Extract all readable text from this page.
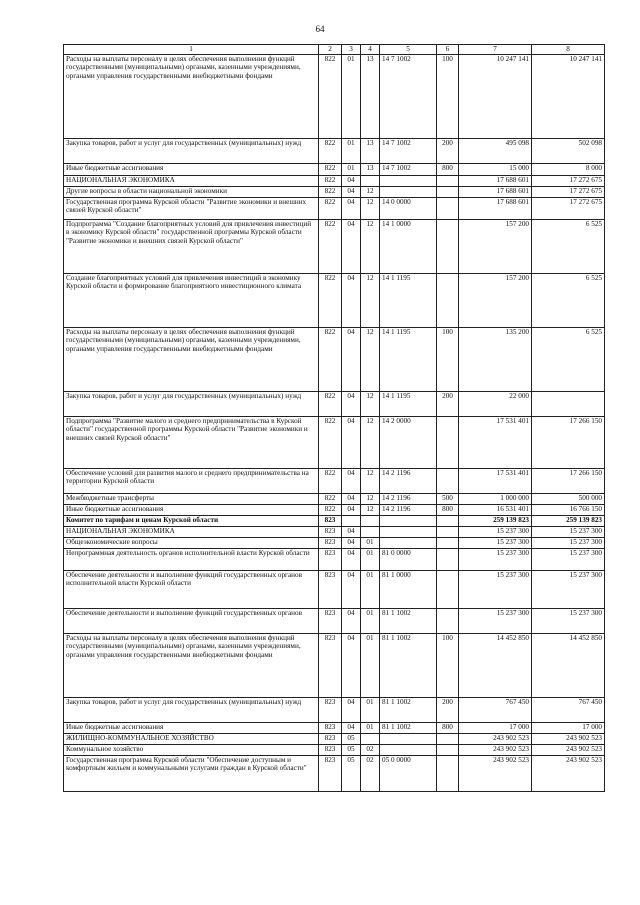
64
1	2	3	4	5	6	7	8
Расходы на выплаты персоналу в целях обеспечения выполнения функций государственными (муниципальными) органами, казенными учреждениями, органами управления государственными внебюджетными фондами	822	01	13	14 7 1002	100	10 247 141	10 247 141
Закупка товаров, работ и услуг для государственных (муниципальных) нужд	822	01	13	14 7 1002	200	495 098	502 098
Иные бюджетные ассигнования	822	01	13	14 7 1002	800	15 000	8 000
НАЦИОНАЛЬНАЯ ЭКОНОМИКА	822	04				17 688 601	17 272 675
Другие вопросы в области национальной экономики	822	04	12			17 688 601	17 272 675
Государственная программа Курской области "Развитие экономики и внешних связей Курской области"	822	04	12	14 0 0000		17 688 601	17 272 675
Подпрограмма "Создание благоприятных условий для привлечения инвестиций в экономику Курской области" государственной программы Курской области "Развитие экономики и внешних связей Курской области"	822	04	12	14 1 0000		157 200	6 525
Создание благоприятных условий для привлечения инвестиций в экономику Курской области и формирование благоприятного инвестиционного климата	822	04	12	14 1 1195		157 200	6 525
Расходы на выплаты персоналу в целях обеспечения выполнения функций государственными (муниципальными) органами, казенными учреждениями, органами управления государственными внебюджетными фондами	822	04	12	14 1 1195	100	135 200	6 525
Закупка товаров, работ и услуг для государственных (муниципальных) нужд	822	04	12	14 1 1195	200	22 000	
Подпрограмма "Развитие малого и среднего предпринимательства в Курской области" государственной программы Курской области "Развитие экономики и внешних связей Курской области"	822	04	12	14 2 0000		17 531 401	17 266 150
Обеспечение условий для развития малого и среднего предпринимательства на территории Курской области	822	04	12	14 2 1196		17 531 401	17 266 150
Межбюджетные трансферты	822	04	12	14 2 1196	500	1 000 000	500 000
Иные бюджетные ассигнования	822	04	12	14 2 1196	800	16 531 401	16 766 150
Комитет по тарифам и ценам Курской области	823					259 139 823	259 139 823
НАЦИОНАЛЬНАЯ ЭКОНОМИКА	823	04				15 237 300	15 237 300
Общеэкономические вопросы	823	04	01			15 237 300	15 237 300
Непрограммная деятельность органов исполнительной власти Курской области	823	04	01	81 0 0000		15 237 300	15 237 300
Обеспечение деятельности и выполнение функций государственных органов исполнительной власти Курской области	823	04	01	81 1 0000		15 237 300	15 237 300
Обеспечение деятельности и выполнение функций государственных органов	823	04	01	81 1 1002		15 237 300	15 237 300
Расходы на выплаты персоналу в целях обеспечения выполнения функций государственными (муниципальными) органами, казенными учреждениями, органами управления государственными внебюджетными фондами	823	04	01	81 1 1002	100	14 452 850	14 452 850
Закупка товаров, работ и услуг для государственных (муниципальных) нужд	823	04	01	81 1 1002	200	767 450	767 450
Иные бюджетные ассигнования	823	04	01	81 1 1002	800	17 000	17 000
ЖИЛИЩНО-КОММУНАЛЬНОЕ ХОЗЯЙСТВО	823	05				243 902 523	243 902 523
Коммунальное хозяйство	823	05	02			243 902 523	243 902 523
Государственная программа Курской области "Обеспечение доступным и комфортным жильем и коммунальными услугами граждан в Курской области"	823	05	02	05 0 0000		243 902 523	243 902 523
